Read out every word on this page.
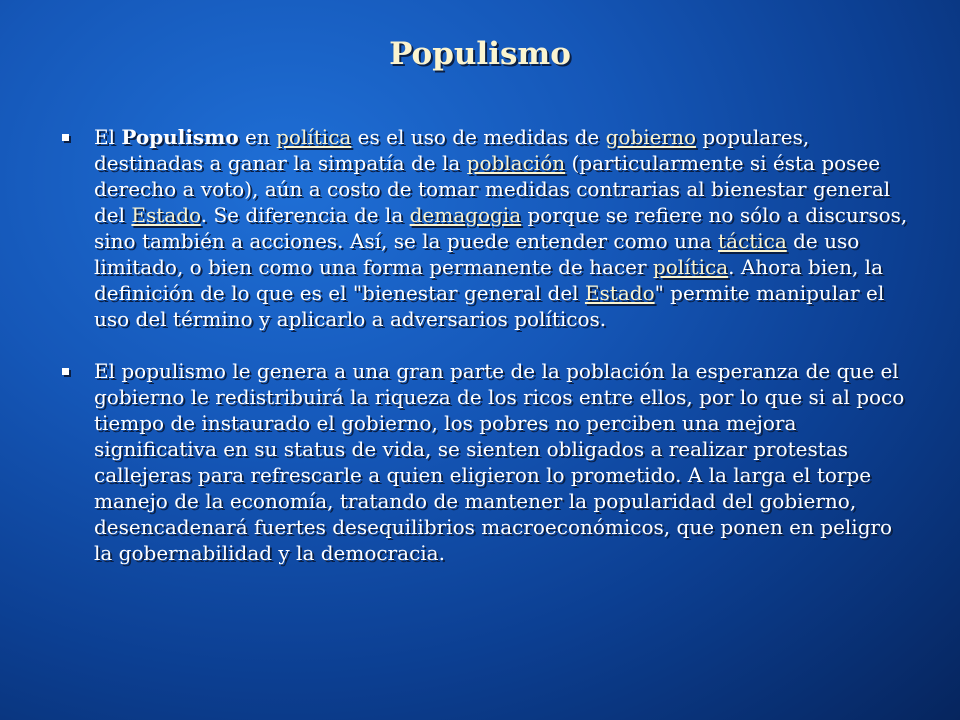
Populismo

El Populismo en política es el uso de medidas de gobierno populares, destinadas a ganar la simpatía de la población (particularmente si ésta posee derecho a voto), aún a costo de tomar medidas contrarias al bienestar general del Estado. Se diferencia de la demagogia porque se refiere no sólo a discursos, sino también a acciones. Así, se la puede entender como una táctica de uso limitado, o bien como una forma permanente de hacer política. Ahora bien, la definición de lo que es el "bienestar general del Estado" permite manipular el uso del término y aplicarlo a adversarios políticos.

El populismo le genera a una gran parte de la población la esperanza de que el gobierno le redistribuirá la riqueza de los ricos entre ellos, por lo que si al poco tiempo de instaurado el gobierno, los pobres no perciben una mejora significativa en su status de vida, se sienten obligados a realizar protestas callejeras para refrescarle a quien eligieron lo prometido. A la larga el torpe manejo de la economía, tratando de mantener la popularidad del gobierno, desencadenará fuertes desequilibrios macroeconómicos, que ponen en peligro la gobernabilidad y la democracia.
